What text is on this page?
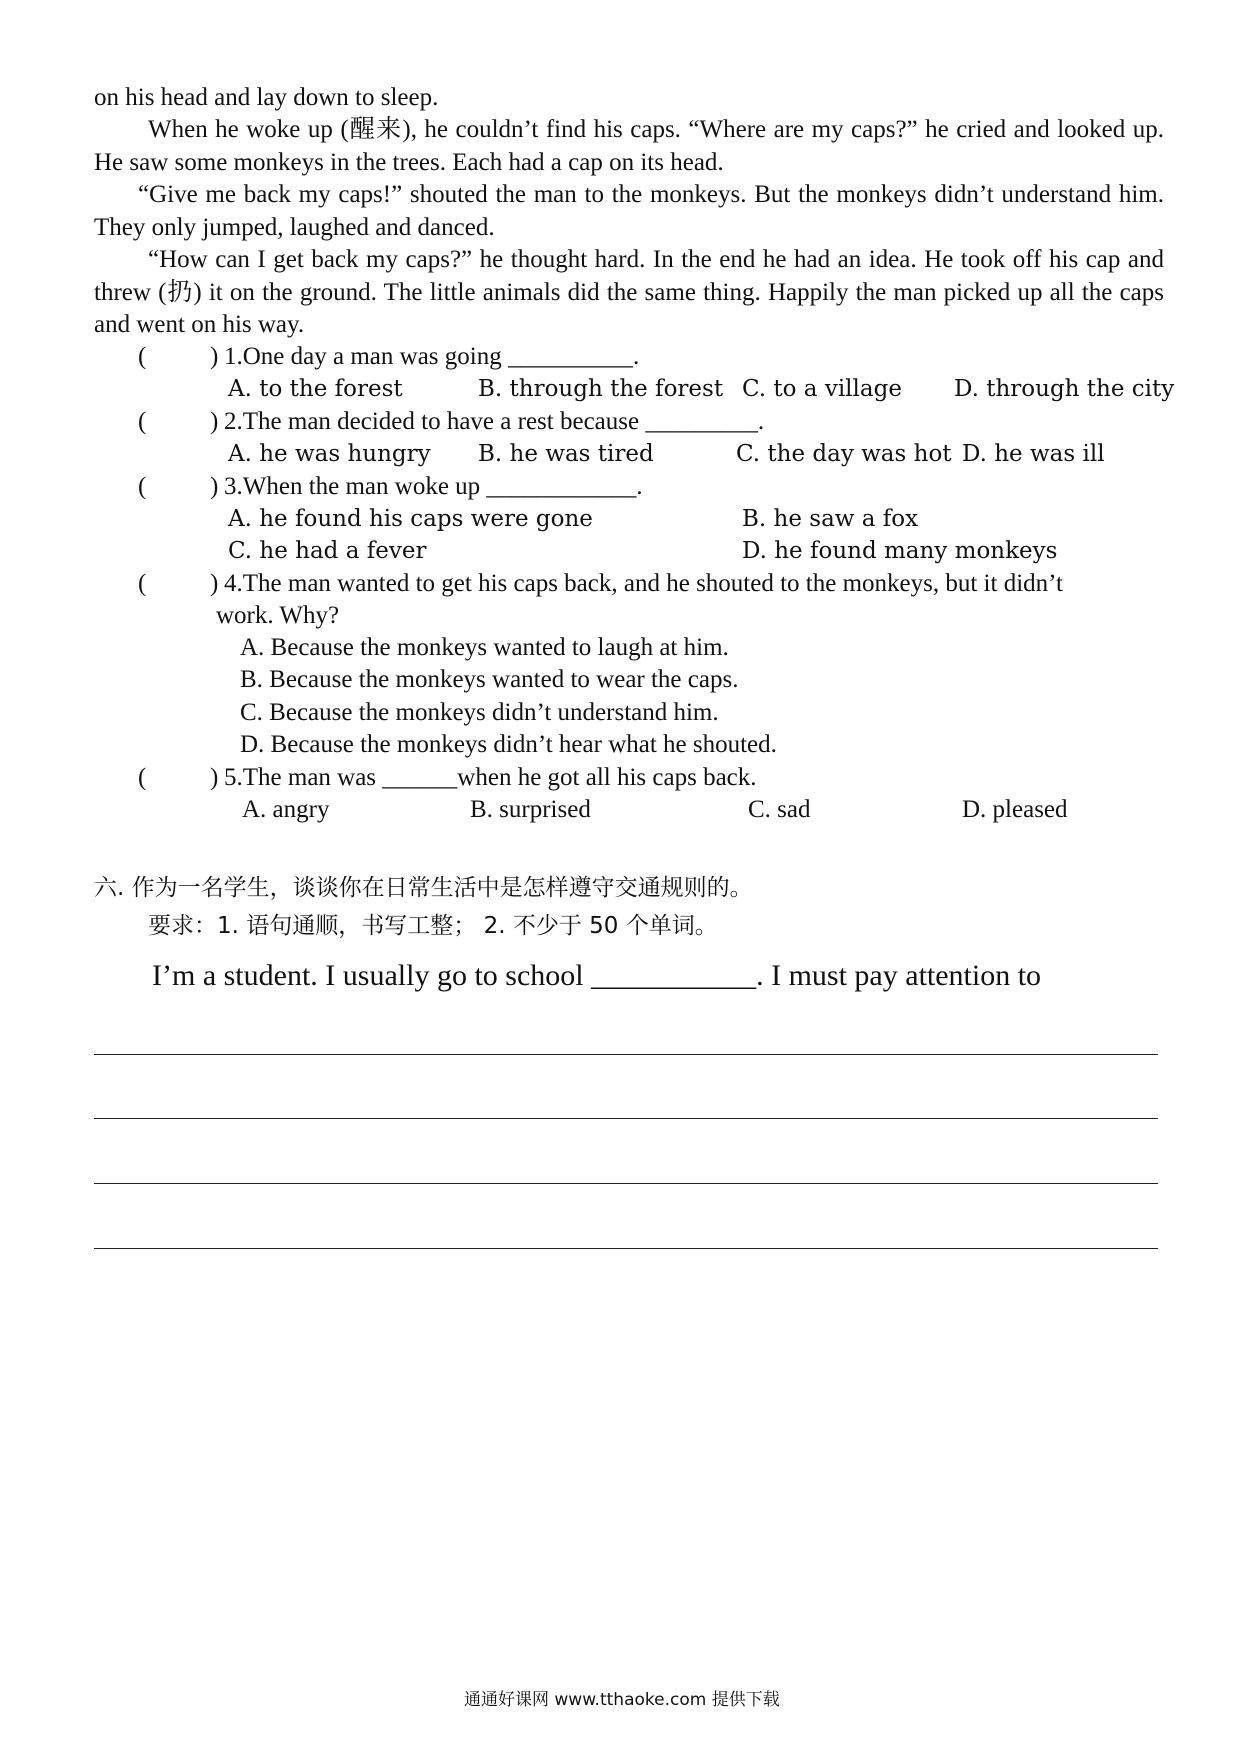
on his head and lay down to sleep.

When he woke up (醒来), he couldn’t find his caps. “Where are my caps?” he cried and looked up. He saw some monkeys in the trees. Each had a cap on its head.

“Give me back my caps!” shouted the man to the monkeys. But the monkeys didn’t understand him. They only jumped, laughed and danced.

“How can I get back my caps?” he thought hard. In the end he had an idea. He took off his cap and threw (扔) it on the ground. The little animals did the same thing. Happily the man picked up all the caps and went on his way.

(	) 1.One day a man was going __________.
A. to the forest	B. through the forest C. to a village D. through the city
(	) 2.The man decided to have a rest because _________.
A. he was hungry B. he was tired	C. the day was hot D. he was ill
(	) 3.When the man woke up ____________.
A. he found his caps were gone	B. he saw a fox
C. he had a fever	D. he found many monkeys
(	) 4.The man wanted to get his caps back, and he shouted to the monkeys, but it didn’t
work. Why?
A. Because the monkeys wanted to laugh at him.
B. Because the monkeys wanted to wear the caps.
C. Because the monkeys didn’t understand him.
D. Because the monkeys didn’t hear what he shouted.
(	) 5.The man was ______when he got all his caps back.
A. angry	B. surprised	C. sad	D. pleased
六. 作为一名学生，谈谈你在日常生活中是怎样遵守交通规则的。
要求：1. 语句通顺，书写工整； 2. 不少于 50 个单词。
I’m a student. I usually go to school ___________. I must pay attention to
通通好课网 www.tthaoke.com 提供下载
